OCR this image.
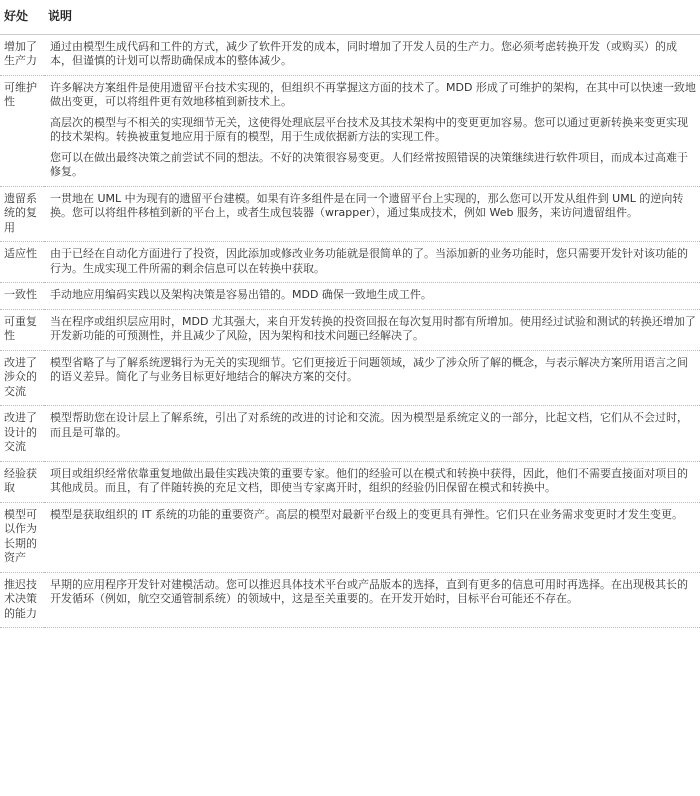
好处	说明
增加了生产力	通过由模型生成代码和工件的方式，减少了软件开发的成本，同时增加了开发人员的生产力。您必须考虑转换开发（或购买）的成本，但谨慎的计划可以帮助确保成本的整体减少。

可维护性	许多解决方案组件是使用遗留平台技术实现的，但组织不再掌握这方面的技术了。MDD 形成了可维护的架构，在其中可以快速一致地做出变更，可以将组件更有效地移植到新技术上。
高层次的模型与不相关的实现细节无关，这使得处理底层平台技术及其技术架构中的变更更加容易。您可以通过更新转换来变更实现的技术架构。转换被重复地应用于原有的模型，用于生成依据新方法的实现工件。
您可以在做出最终决策之前尝试不同的想法。不好的决策很容易变更。人们经常按照错误的决策继续进行软件项目，而成本过高难于修复。

遗留系统的复用	一贯地在 UML 中为现有的遗留平台建模。如果有许多组件是在同一个遗留平台上实现的，那么您可以开发从组件到 UML 的逆向转换。您可以将组件移植到新的平台上，或者生成包装器（wrapper），通过集成技术，例如 Web 服务，来访问遗留组件。

适应性	由于已经在自动化方面进行了投资，因此添加或修改业务功能就是很简单的了。当添加新的业务功能时，您只需要开发针对该功能的行为。生成实现工件所需的剩余信息可以在转换中获取。

一致性	手动地应用编码实践以及架构决策是容易出错的。MDD 确保一致地生成工件。

可重复性	当在程序或组织层应用时，MDD 尤其强大，来自开发转换的投资回报在每次复用时都有所增加。使用经过试验和测试的转换还增加了开发新功能的可预测性，并且减少了风险，因为架构和技术问题已经解决了。

改进了涉众的交流	模型省略了与了解系统逻辑行为无关的实现细节。它们更接近于问题领域，减少了涉众所了解的概念，与表示解决方案所用语言之间的语义差异。简化了与业务目标更好地结合的解决方案的交付。

改进了设计的交流	模型帮助您在设计层上了解系统，引出了对系统的改进的讨论和交流。因为模型是系统定义的一部分，比起文档，它们从不会过时，而且是可靠的。

经验获取	项目或组织经常依靠重复地做出最佳实践决策的重要专家。他们的经验可以在模式和转换中获得，因此，他们不需要直接面对项目的其他成员。而且，有了伴随转换的充足文档，即使当专家离开时，组织的经验仍旧保留在模式和转换中。

模型可以作为长期的资产	模型是获取组织的 IT 系统的功能的重要资产。高层的模型对最新平台级上的变更具有弹性。它们只在业务需求变更时才发生变更。

推迟技术决策的能力	早期的应用程序开发针对建模活动。您可以推迟具体技术平台或产品版本的选择，直到有更多的信息可用时再选择。在出现极其长的开发循环（例如，航空交通管制系统）的领域中，这是至关重要的。在开发开始时，目标平台可能还不存在。
